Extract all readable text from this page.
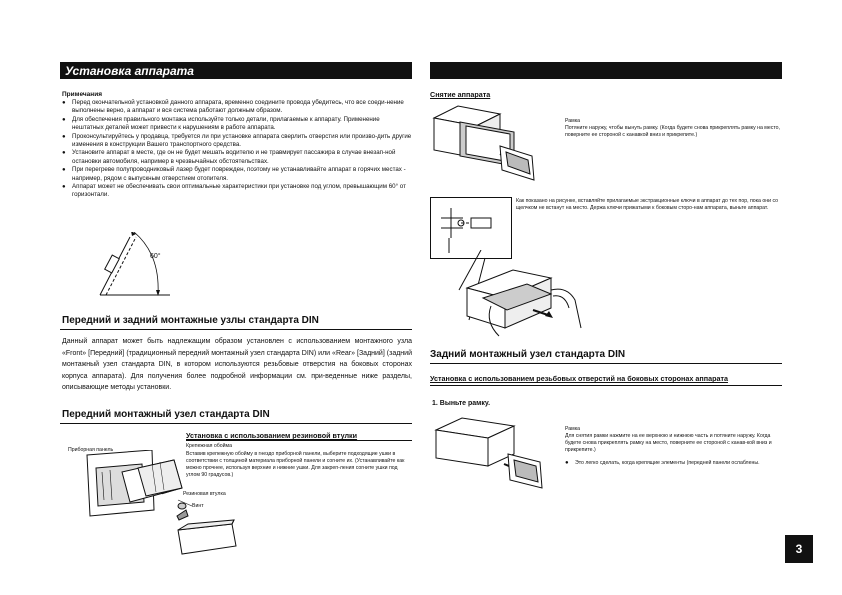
Установка аппарата
Примечания
● Перед окончательной установкой данного аппарата, временно соедините провода убедитесь, что все соеди-нение выполнены верно, а аппарат и вся система работают должным образом.
● Для обеспечения правильного монтажа используйте только детали, прилагаемые к аппарату. Применение нештатных деталей может привести к нарушениям в работе аппарата.
● Проконсультируйтесь у продавца, требуется ли при установке аппарата сверлить отверстия или произво-дить другие изменения в конструкции Вашего транспортного средства.
● Установите аппарат в месте, где он не будет мешать водителю и не травмирует пассажира в случае внезап-ной остановки автомобиля, например в чрезвычайных обстоятельствах.
● При перегреве полупроводниковый лазер будет поврежден, поэтому не устанавливайте аппарат в горячих местах - например, рядом с выпускным отверстием отопителя.
● Аппарат может не обеспечивать свои оптимальные характеристики при установке под углом, превышающим 60° от горизонтали.
60°
Передний и задний монтажные узлы стандарта DIN
Данный аппарат может быть надлежащим образом установлен с использованием монтажного узла «Front» [Передний] (традиционный передний монтажный узел стандарта DIN) или «Rear» [Задний] (задний монтажный узел стандарта DIN, в котором используются резьбовые отверстия на боковых сторонах корпуса аппарата). Для получения более подробной информации см. при-веденные ниже разделы, описывающие методы установки.
Передний монтажный узел стандарта DIN
Установка с использованием резиновой втулки
Приборная панель
Крепежная обойма
Вставив крепежную обойму в гнездо приборной панели, выберите подходящие ушки в соответствии с толщиной материала приборной панели и согните их. (Устанавливайте как можно прочнее, используя верхние и нижние ушки. Для закреп-ления согните ушки под углом 90 градусов.)
Резиновая втулка
Винт
Снятие аппарата
Рамка
Потяните наружу, чтобы вынуть рамку. (Когда будете снова прикреплять рамку на место, поверните ее стороной с канавкой вниз и прикрепите.)
Как показано на рисунке, вставляйте прилагаемые экстракционные ключи в аппарат до тех пор, пока они со щелчком не встанут на место. Держа ключи прижатыми к боковым сторо-нам аппарата, выньте аппарат.
Задний монтажный узел стандарта DIN
Установка с использованием резьбовых отверстий на боковых сторонах аппарата
1. Выньте рамку.
Рамка
Для снятия рамки нажмите на ее верхнюю и нижнюю часть и потяните наружу. Когда будете снова прикреплять рамку на место, поверните ее стороной с канав-кой вниз и прикрепите.)
● Это легко сделать, когда крепящие элементы (передней панели ослаблены.
3
